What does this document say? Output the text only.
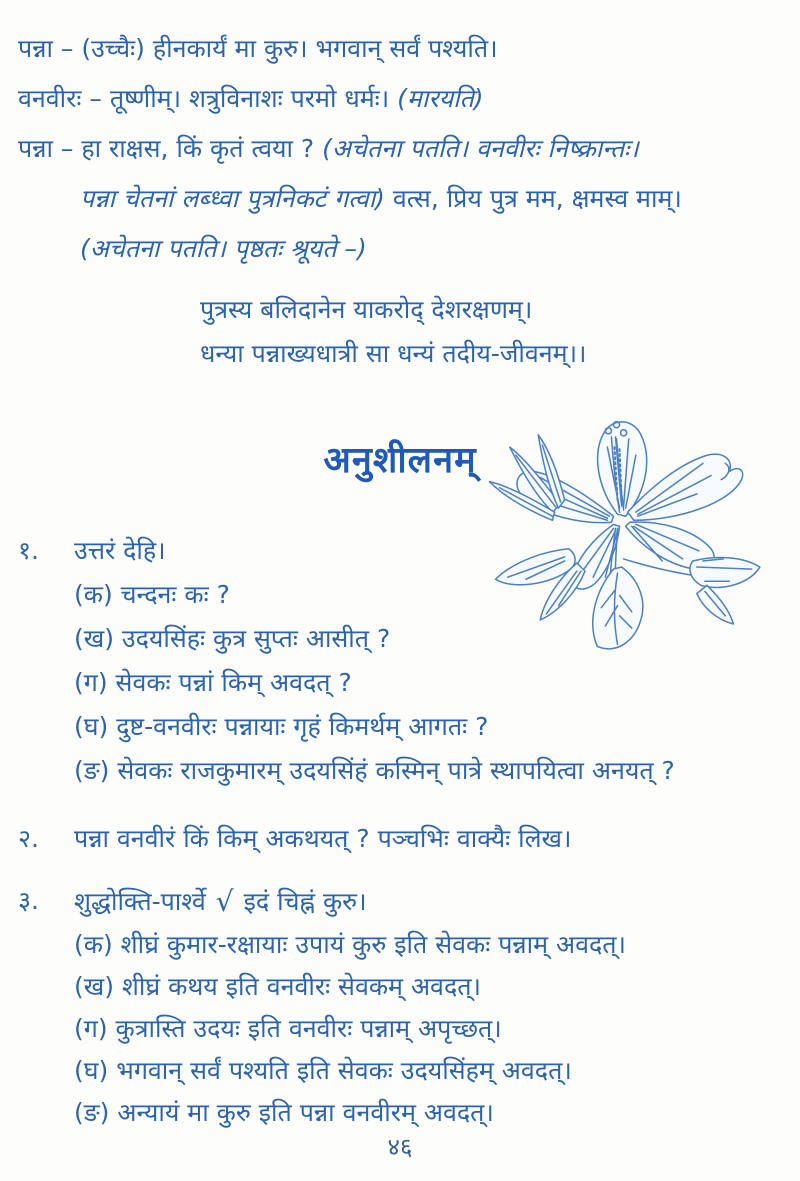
पन्ना – (उच्चैः) हीनकार्यं मा कुरु। भगवान् सर्वं पश्यति।

वनवीरः – तूष्णीम्। शत्रुविनाशः परमो धर्मः। (मारयति)

पन्ना – हा राक्षस, किं कृतं त्वया ? (अचेतना पतति। वनवीरः निष्क्रान्तः।

पन्ना चेतनां लब्ध्वा पुत्रनिकटं गत्वा) वत्स, प्रिय पुत्र मम, क्षमस्व माम्।

(अचेतना पतति। पृष्ठतः श्रूयते –)

पुत्रस्य बलिदानेन याकरोद् देशरक्षणम्।

धन्या पन्नाख्यधात्री सा धन्यं तदीय-जीवनम्।।

अनुशीलनम्
१.	उत्तरं देहि।
(क) चन्दनः कः ?
(ख) उदयसिंहः कुत्र सुप्तः आसीत् ?
(ग) सेवकः पन्नां किम् अवदत् ?
(घ) दुष्ट-वनवीरः पन्नायाः गृहं किमर्थम् आगतः ?
(ङ) सेवकः राजकुमारम् उदयसिंहं कस्मिन् पात्रे स्थापयित्वा अनयत् ?
२.	पन्ना वनवीरं किं किम् अकथयत् ? पञ्चभिः वाक्यैः लिख।
३.	शुद्धोक्ति-पार्श्वे √ इदं चिह्नं कुरु।
(क) शीघ्रं कुमार-रक्षायाः उपायं कुरु इति सेवकः पन्नाम् अवदत्।
(ख) शीघ्रं कथय इति वनवीरः सेवकम् अवदत्।
(ग) कुत्रास्ति उदयः इति वनवीरः पन्नाम् अपृच्छत्।
(घ) भगवान् सर्वं पश्यति इति सेवकः उदयसिंहम् अवदत्।
(ङ) अन्यायं मा कुरु इति पन्ना वनवीरम् अवदत्।
४६
